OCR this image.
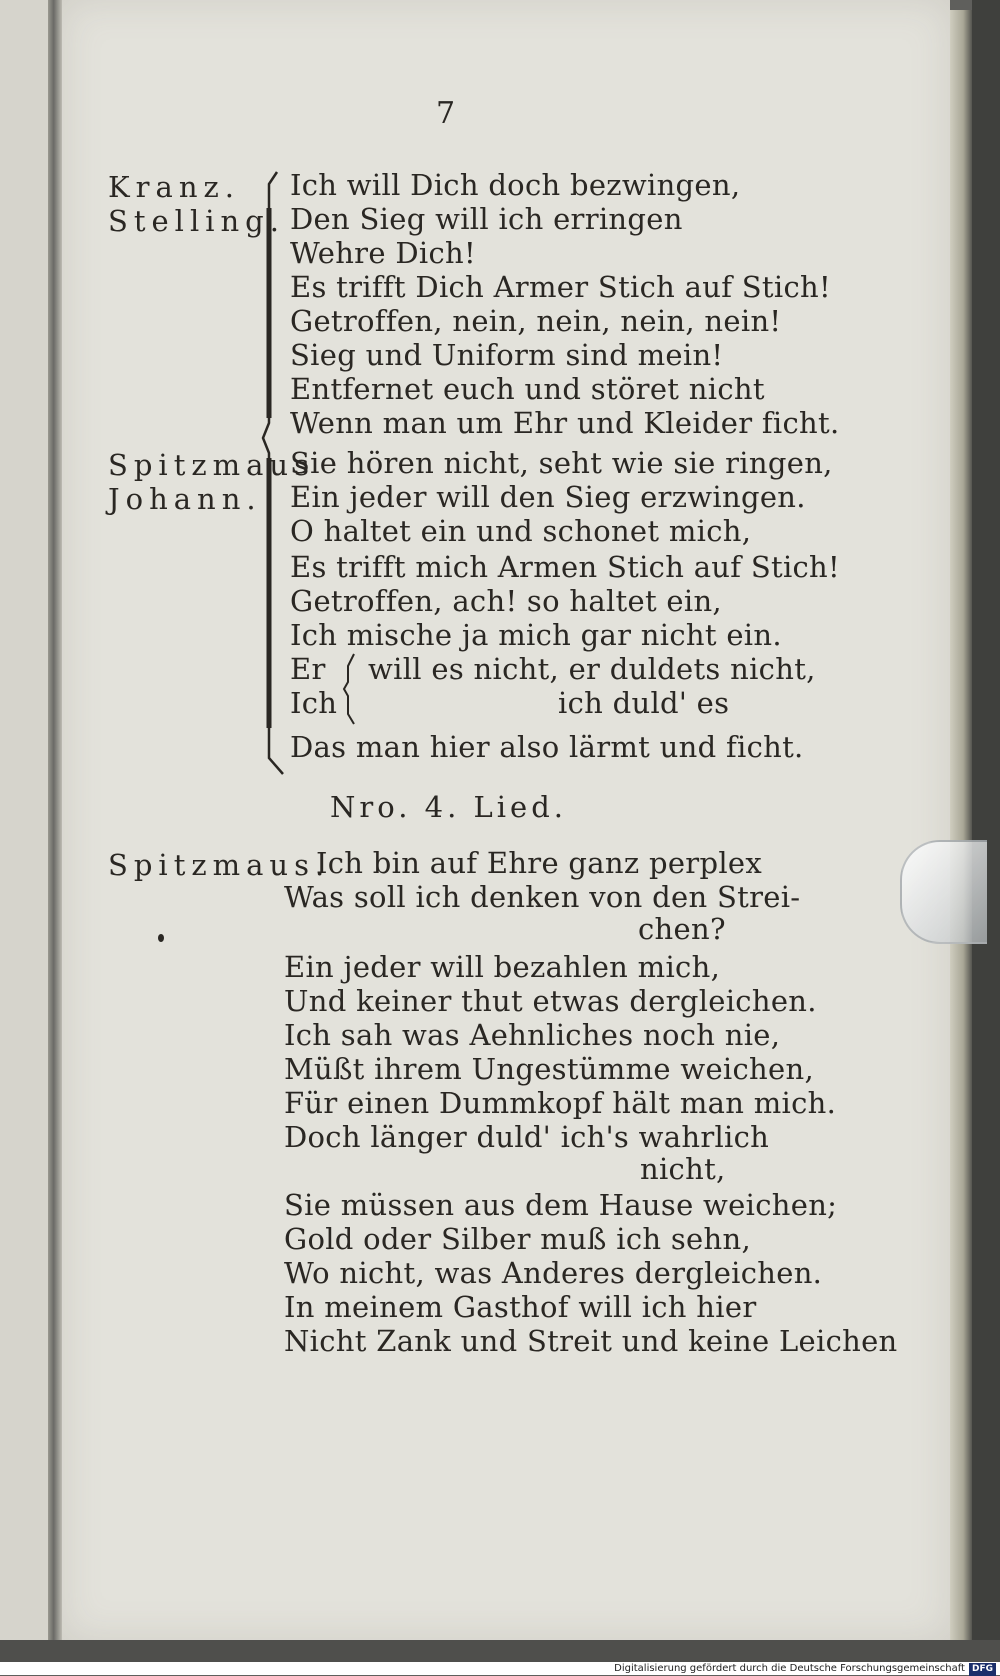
7
Kranz.
Stelling.
Ich will Dich doch bezwingen,
Den Sieg will ich erringen
Wehre Dich!
Es trifft Dich Armer Stich auf Stich!
Getroffen, nein, nein, nein, nein!
Sieg und Uniform sind mein!
Entfernet euch und störet nicht
Wenn man um Ehr und Kleider ficht.
Spitzmaus
Johann.
Sie hören nicht, seht wie sie ringen,
Ein jeder will den Sieg erzwingen.
O haltet ein und schonet mich,
Es trifft mich Armen Stich auf Stich!
Getroffen, ach! so haltet ein,
Ich mische ja mich gar nicht ein.
Er
Ich
will es nicht, er duldets nicht,
ich duld' es
Das man hier also lärmt und ficht.
Nro. 4. Lied.
Spitzmaus.
Ich bin auf Ehre ganz perplex
Was soll ich denken von den Strei-
chen?
Ein jeder will bezahlen mich,
Und keiner thut etwas dergleichen.
Ich sah was Aehnliches noch nie,
Müßt ihrem Ungestümme weichen,
Für einen Dummkopf hält man mich.
Doch länger duld' ich's wahrlich
nicht,
Sie müssen aus dem Hause weichen;
Gold oder Silber muß ich sehn,
Wo nicht, was Anderes dergleichen.
In meinem Gasthof will ich hier
Nicht Zank und Streit und keine Leichen
Digitalisierung gefördert durch die Deutsche Forschungsgemeinschaft DFG
